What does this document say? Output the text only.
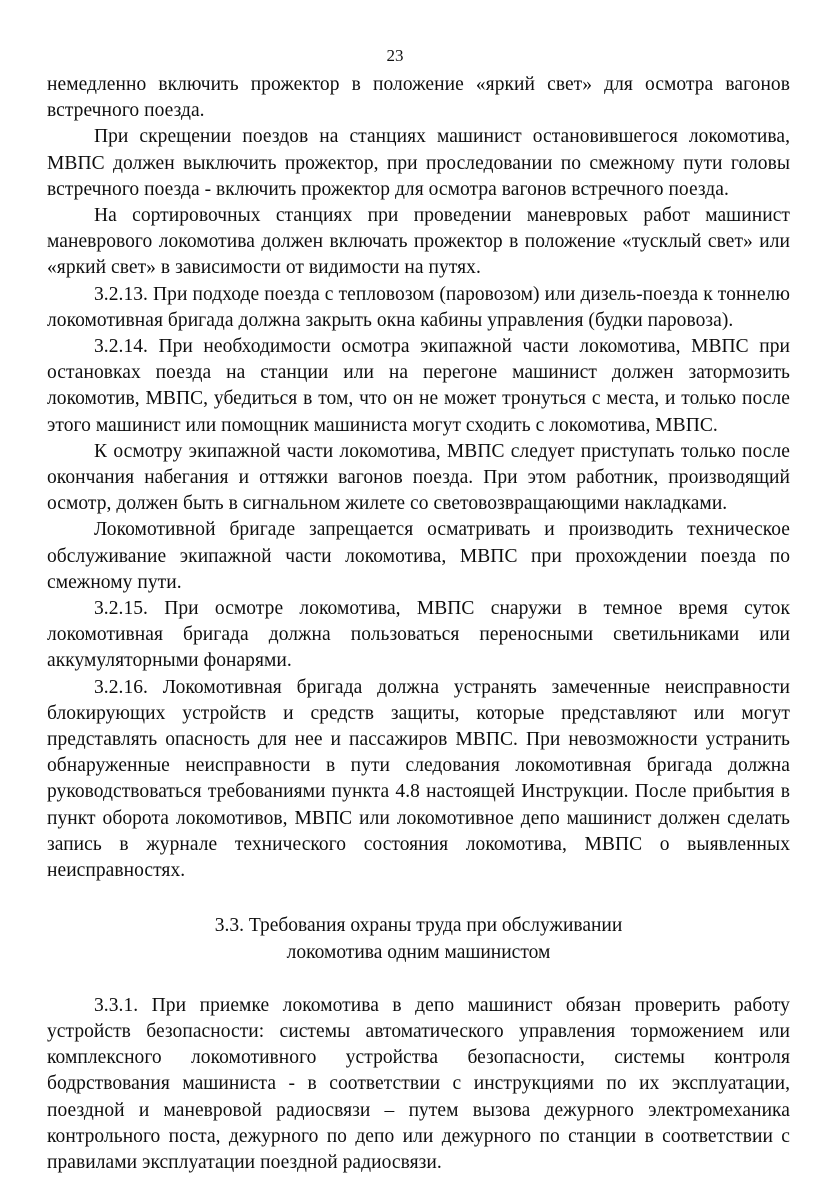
23

немедленно включить прожектор в положение «яркий свет» для осмотра вагонов встречного поезда.

При скрещении поездов на станциях машинист остановившегося локомотива, МВПС должен выключить прожектор, при проследовании по смежному пути головы встречного поезда - включить прожектор для осмотра вагонов встречного поезда.

На сортировочных станциях при проведении маневровых работ машинист маневрового локомотива должен включать прожектор в положение «тусклый свет» или «яркий свет» в зависимости от видимости на путях.

3.2.13. При подходе поезда с тепловозом (паровозом) или дизель-поезда к тоннелю локомотивная бригада должна закрыть окна кабины управления (будки паровоза).

3.2.14. При необходимости осмотра экипажной части локомотива, МВПС при остановках поезда на станции или на перегоне машинист должен затормозить локомотив, МВПС, убедиться в том, что он не может тронуться с места, и только после этого машинист или помощник машиниста могут сходить с локомотива, МВПС.

К осмотру экипажной части локомотива, МВПС следует приступать только после окончания набегания и оттяжки вагонов поезда. При этом работник, производящий осмотр, должен быть в сигнальном жилете со световозвращающими накладками.

Локомотивной бригаде запрещается осматривать и производить техническое обслуживание экипажной части локомотива, МВПС при прохождении поезда по смежному пути.

3.2.15. При осмотре локомотива, МВПС снаружи в темное время суток локомотивная бригада должна пользоваться переносными светильниками или аккумуляторными фонарями.

3.2.16. Локомотивная бригада должна устранять замеченные неисправности блокирующих устройств и средств защиты, которые представляют или могут представлять опасность для нее и пассажиров МВПС. При невозможности устранить обнаруженные неисправности в пути следования локомотивная бригада должна руководствоваться требованиями пункта 4.8 настоящей Инструкции. После прибытия в пункт оборота локомотивов, МВПС или локомотивное депо машинист должен сделать запись в журнале технического состояния локомотива, МВПС о выявленных неисправностях.

3.3. Требования охраны труда при обслуживании
локомотива одним машинистом

3.3.1. При приемке локомотива в депо машинист обязан проверить работу устройств безопасности: системы автоматического управления торможением или комплексного локомотивного устройства безопасности, системы контроля бодрствования машиниста - в соответствии с инструкциями по их эксплуатации, поездной и маневровой радиосвязи – путем вызова дежурного электромеханика контрольного поста, дежурного по депо или дежурного по станции в соответствии с правилами эксплуатации поездной радиосвязи.
